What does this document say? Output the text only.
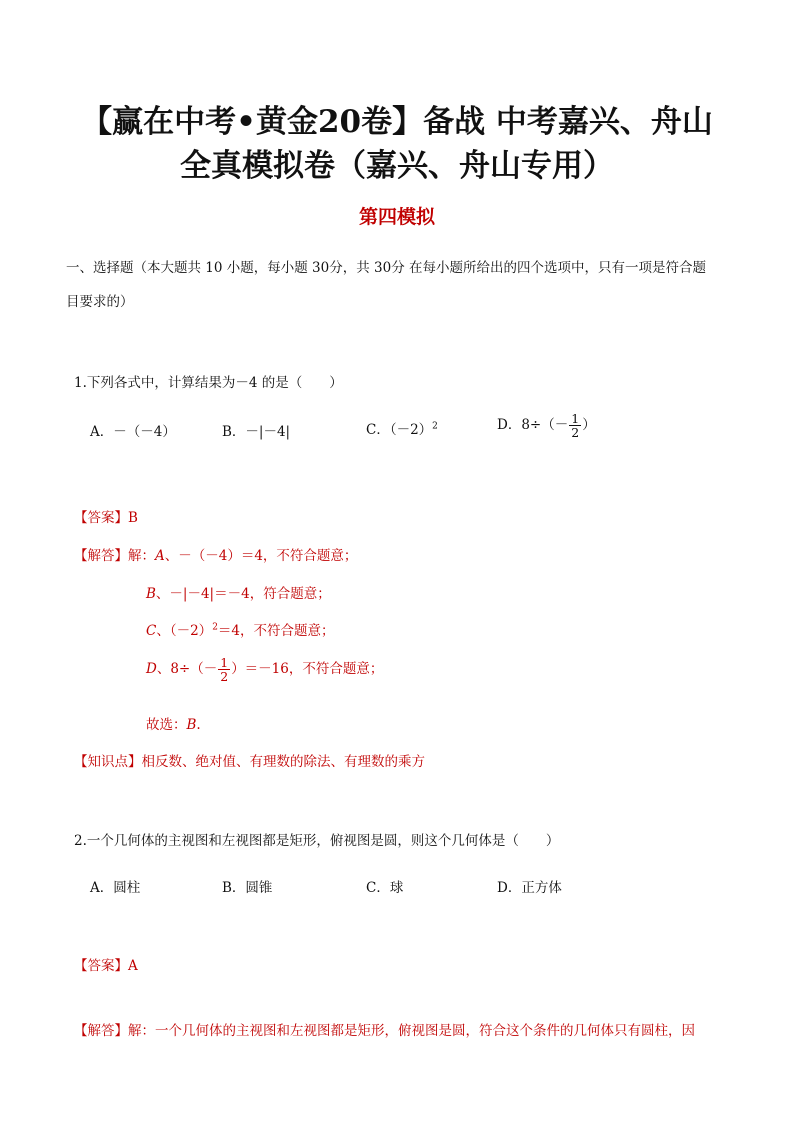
【赢在中考•黄金20卷】备战 中考嘉兴、舟山
全真模拟卷（嘉兴、舟山专用）
第四模拟
一、选择题（本大题共 10 小题，每小题 30分，共 30分 在每小题所给出的四个选项中，只有一项是符合题
目要求的）
1.下列各式中，计算结果为－4 的是（　　）
A．－（－4）	B．－|－4|	C．$(-2)^2$	D．$8\div(- \frac{1}{2}$ ）
【答案】B
【解答】解：A、－（－4）＝4，不符合题意；
B、－|－4|＝－4，符合题意；
C、$(-2)^2=4$，不符合题意；
D、$8\div(- \frac{1}{2} )=-16$，不符合题意；
故选：B.
【知识点】相反数、绝对值、有理数的除法、有理数的乘方
2.一个几何体的主视图和左视图都是矩形，俯视图是圆，则这个几何体是（　　）
A．圆柱	B．圆锥	C．球	D．正方体
【答案】A
【解答】解：一个几何体的主视图和左视图都是矩形，俯视图是圆，符合这个条件的几何体只有圆柱，因
